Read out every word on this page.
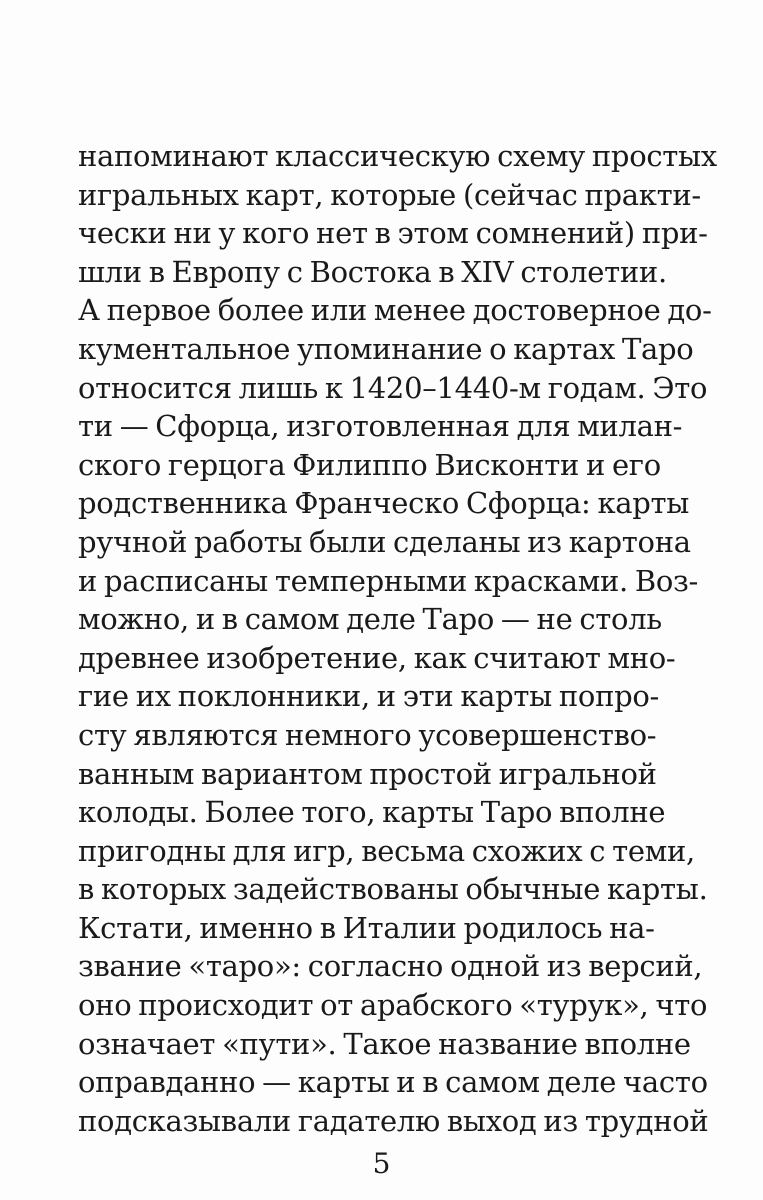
напоминают классическую схему простых
игральных карт, которые (сейчас практи-
чески ни у кого нет в этом сомнений) при-
шли в Европу с Востока в XIV столетии.
А первое более или менее достоверное до-
кументальное упоминание о картах Таро
относится лишь к 1420–1440-м годам. Это
ти — Сфорца, изготовленная для милан-
ского герцога Филиппо Висконти и его
родственника Франческо Сфорца: карты
ручной работы были сделаны из картона
и расписаны темперными красками. Воз-
можно, и в самом деле Таро — не столь
древнее изобретение, как считают мно-
гие их поклонники, и эти карты попро-
сту являются немного усовершенство-
ванным вариантом простой игральной
колоды. Более того, карты Таро вполне
пригодны для игр, весьма схожих с теми,
в которых задействованы обычные карты.
Кстати, именно в Италии родилось на-
звание «таро»: согласно одной из версий,
оно происходит от арабского «турук», что
означает «пути». Такое название вполне
оправданно — карты и в самом деле часто
подсказывали гадателю выход из трудной
5
